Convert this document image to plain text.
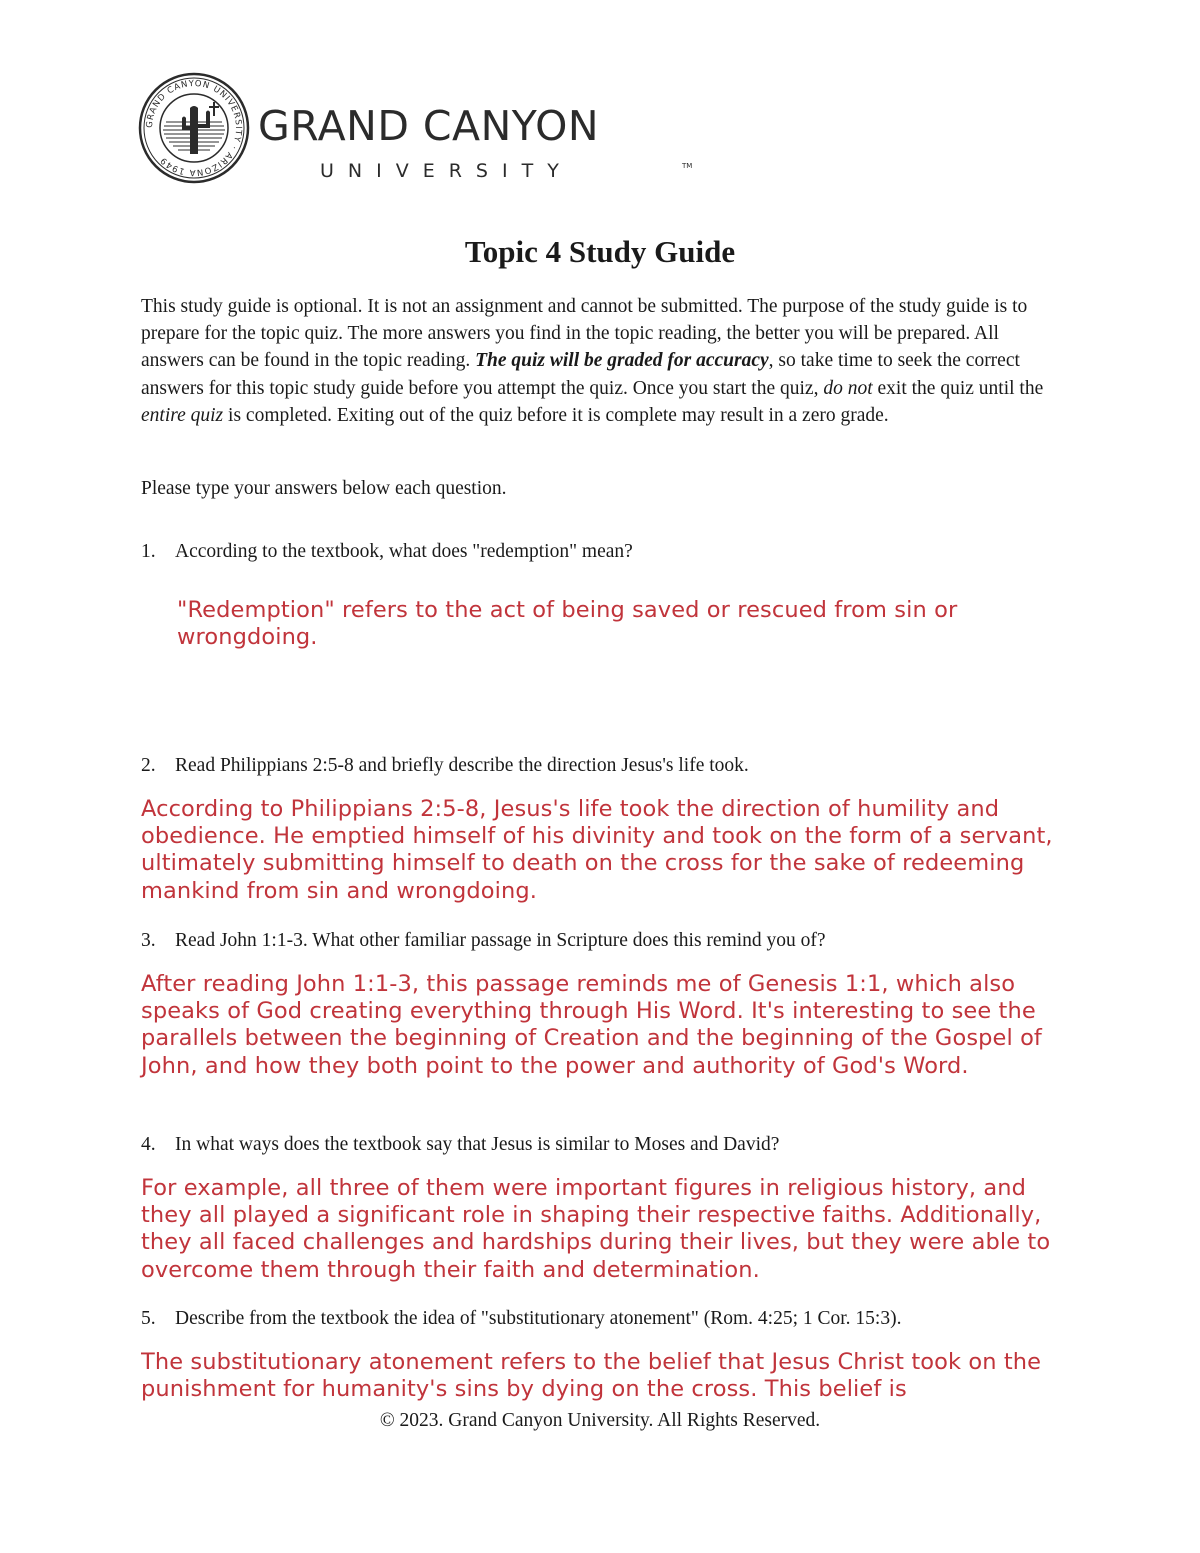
GRAND CANYON UNIVERSITY · ARIZONA 1949
GRAND CANYON
UNIVERSITY	TM
Topic 4 Study Guide

This study guide is optional. It is not an assignment and cannot be submitted. The purpose of the study guide is to prepare for the topic quiz. The more answers you find in the topic reading, the better you will be prepared. All answers can be found in the topic reading. The quiz will be graded for accuracy, so take time to seek the correct answers for this topic study guide before you attempt the quiz. Once you start the quiz, do not exit the quiz until the entire quiz is completed. Exiting out of the quiz before it is complete may result in a zero grade.

Please type your answers below each question.

1. According to the textbook, what does "redemption" mean?

"Redemption" refers to the act of being saved or rescued from sin or wrongdoing.

2. Read Philippians 2:5-8 and briefly describe the direction Jesus's life took.

According to Philippians 2:5-8, Jesus's life took the direction of humility and obedience. He emptied himself of his divinity and took on the form of a servant, ultimately submitting himself to death on the cross for the sake of redeeming mankind from sin and wrongdoing.

3. Read John 1:1-3. What other familiar passage in Scripture does this remind you of?

After reading John 1:1-3, this passage reminds me of Genesis 1:1, which also speaks of God creating everything through His Word. It's interesting to see the parallels between the beginning of Creation and the beginning of the Gospel of John, and how they both point to the power and authority of God's Word.

4. In what ways does the textbook say that Jesus is similar to Moses and David?

For example, all three of them were important figures in religious history, and they all played a significant role in shaping their respective faiths. Additionally, they all faced challenges and hardships during their lives, but they were able to overcome them through their faith and determination.

5. Describe from the textbook the idea of "substitutionary atonement" (Rom. 4:25; 1 Cor. 15:3).

The substitutionary atonement refers to the belief that Jesus Christ took on the punishment for humanity's sins by dying on the cross. This belief is

© 2023. Grand Canyon University. All Rights Reserved.
